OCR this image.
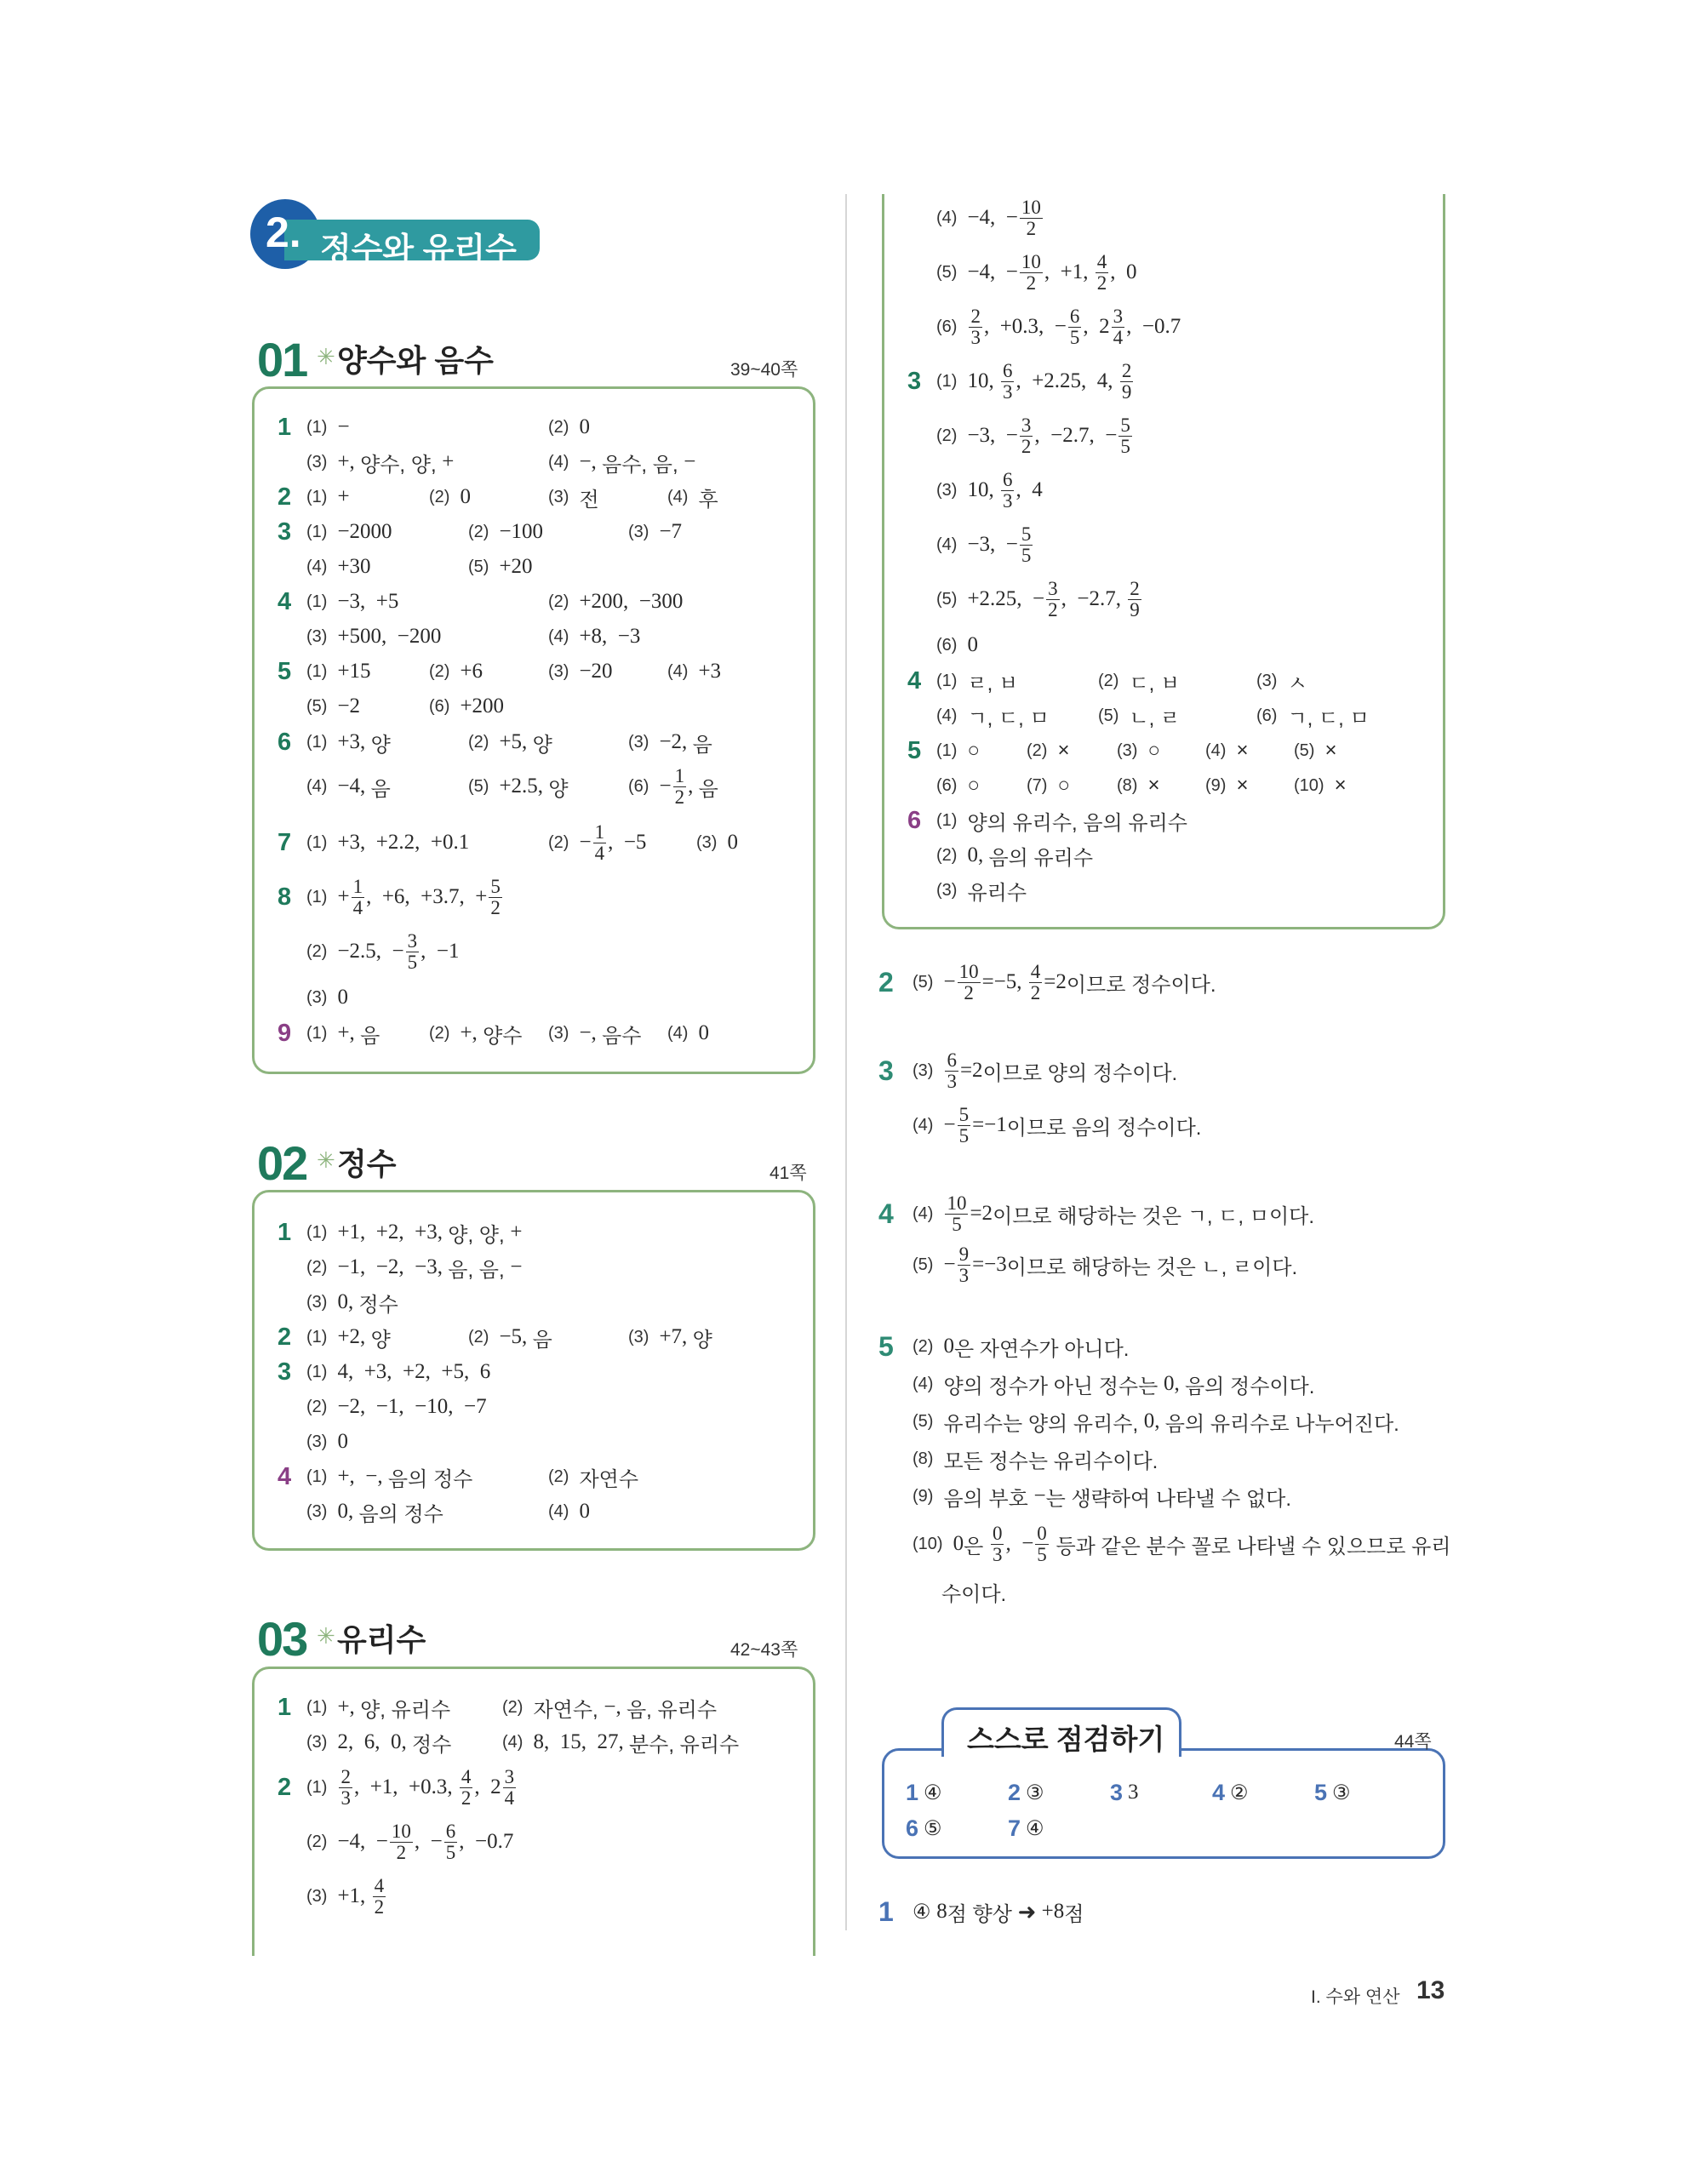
2. 정수와 유리수
01 ✳ 양수와 음수	39~40쪽
1 (1) −	(2) 0
(3) +, 양수, 양, +	(4) −, 음수, 음, −
2 (1) +	(2) 0	(3) 전	(4) 후
3 (1) −2000	(2) −100	(3) −7
(4) +30	(5) +20
4 (1) −3,  +5	(2) +200,  −300
(3) +500,  −200	(4) +8,  −3
5 (1) +15	(2) +6	(3) −20	(4) +3
(5) −2	(6) +200
6 (1) +3, 양	(2) +5, 양	(3) −2, 음
(4) −4, 음	(5) +2.5, 양	$(6) - \frac{1}{2}$ , 음
7 (1) +3,  +2.2,  +0.1	$(2) - \frac{1}{4}$ ,  −5	(3) 0
8 $(1) + \frac{1}{4}$ ,  +6,  +3.7,  + $\frac{5}{2}$
(2) −2.5,  − $\frac{3}{5}$ ,  −1
(3) 0
9 (1) +, 음	(2) +, 양수 (3) −, 음수 (4) 0
02 ✳ 정수	41쪽
1 (1) +1,  +2,  +3, 양, 양, +
(2) −1,  −2,  −3, 음, 음, −
(3) 0, 정수
2 (1) +2, 양	(2) −5, 음	(3) +7, 양
3 (1) 4,  +3,  +2,  +5,  6
(2) −2,  −1,  −10,  −7
(3) 0
4 (1) +,  −, 음의 정수	(2) 자연수
(3) 0, 음의 정수	(4) 0
03 ✳ 유리수	42~43쪽
1 (1) +, 양, 유리수	(2) 자연수, −, 음, 유리수
(3) 2,  6,  0, 정수	(4) 8,  15,  27, 분수, 유리수
2 $(1) \frac{2}{3}$ ,  +1,  +0.3, $\frac{4}{2}$ ,  $2 \frac{3}{4}$
(2) −4,  − $\frac{10}{2}$ ,  − $\frac{6}{5}$ ,  −0.7
(3) +1, $\frac{4}{2}$
(4) −4,  − $\frac{10}{2}$
(5) −4,  − $\frac{10}{2}$ ,  +1, $\frac{4}{2}$ ,  0
$(6) \frac{2}{3}$ ,  +0.3,  − $\frac{6}{5}$ ,  $2 \frac{3}{4}$ ,  −0.7
3 (1) 10, $\frac{6}{3}$ ,  +2.25,  4, $\frac{2}{9}$
(2) −3,  − $\frac{3}{2}$ ,  −2.7,  − $\frac{5}{5}$
(3) 10, $\frac{6}{3}$ ,  4
(4) −3,  − $\frac{5}{5}$
(5) +2.25,  − $\frac{3}{2}$ ,  −2.7, $\frac{2}{9}$
(6) 0
4 (1) ㄹ, ㅂ	(2) ㄷ, ㅂ	(3) ㅅ
(4) ㄱ, ㄷ, ㅁ	(5) ㄴ, ㄹ	(6) ㄱ, ㄷ, ㅁ
5 (1) ○	(2) ×	(3) ○	(4) ×	(5) ×
(6) ○	(7) ○	(8) ×	(9) ×	(10) ×
6 (1) 양의 유리수, 음의 유리수
(2) 0, 음의 유리수
(3) 유리수
2	$(5) - \frac{10}{2} =-5$, $\frac{4}{2} =2$ 이므로 정수이다.
3	$(3) \frac{6}{3} =2$ 이므로 양의 정수이다.
$(4) - \frac{5}{5} =-1$ 이므로 음의 정수이다.
4	$(4) \frac{10}{5} =2$ 이므로 해당하는 것은 ㄱ, ㄷ, ㅁ이다.
$(5) - \frac{9}{3} =-3$ 이므로 해당하는 것은 ㄴ, ㄹ이다.
5	(2) 0 은 자연수가 아니다.
(4) 양의 정수가 아닌 정수는 0, 음의 정수이다.
(5) 유리수는 양의 유리수, 0, 음의 유리수로 나누어진다.
(8) 모든 정수는 유리수이다.
(9) 음의 부호 − 는 생략하여 나타낼 수 없다.
(10) 0 은 $\frac{0}{3}$ ,  − $\frac{0}{5}$ 등과 같은 분수 꼴로 나타낼 수 있으므로 유리
수이다.
스스로 점검하기	44쪽
1 ④	2 ③	3 3	4 ②	5 ③
6 ⑤	7 ④
1 ④ 8 점 향상 ➜ +8 점
I. 수와 연산 13
